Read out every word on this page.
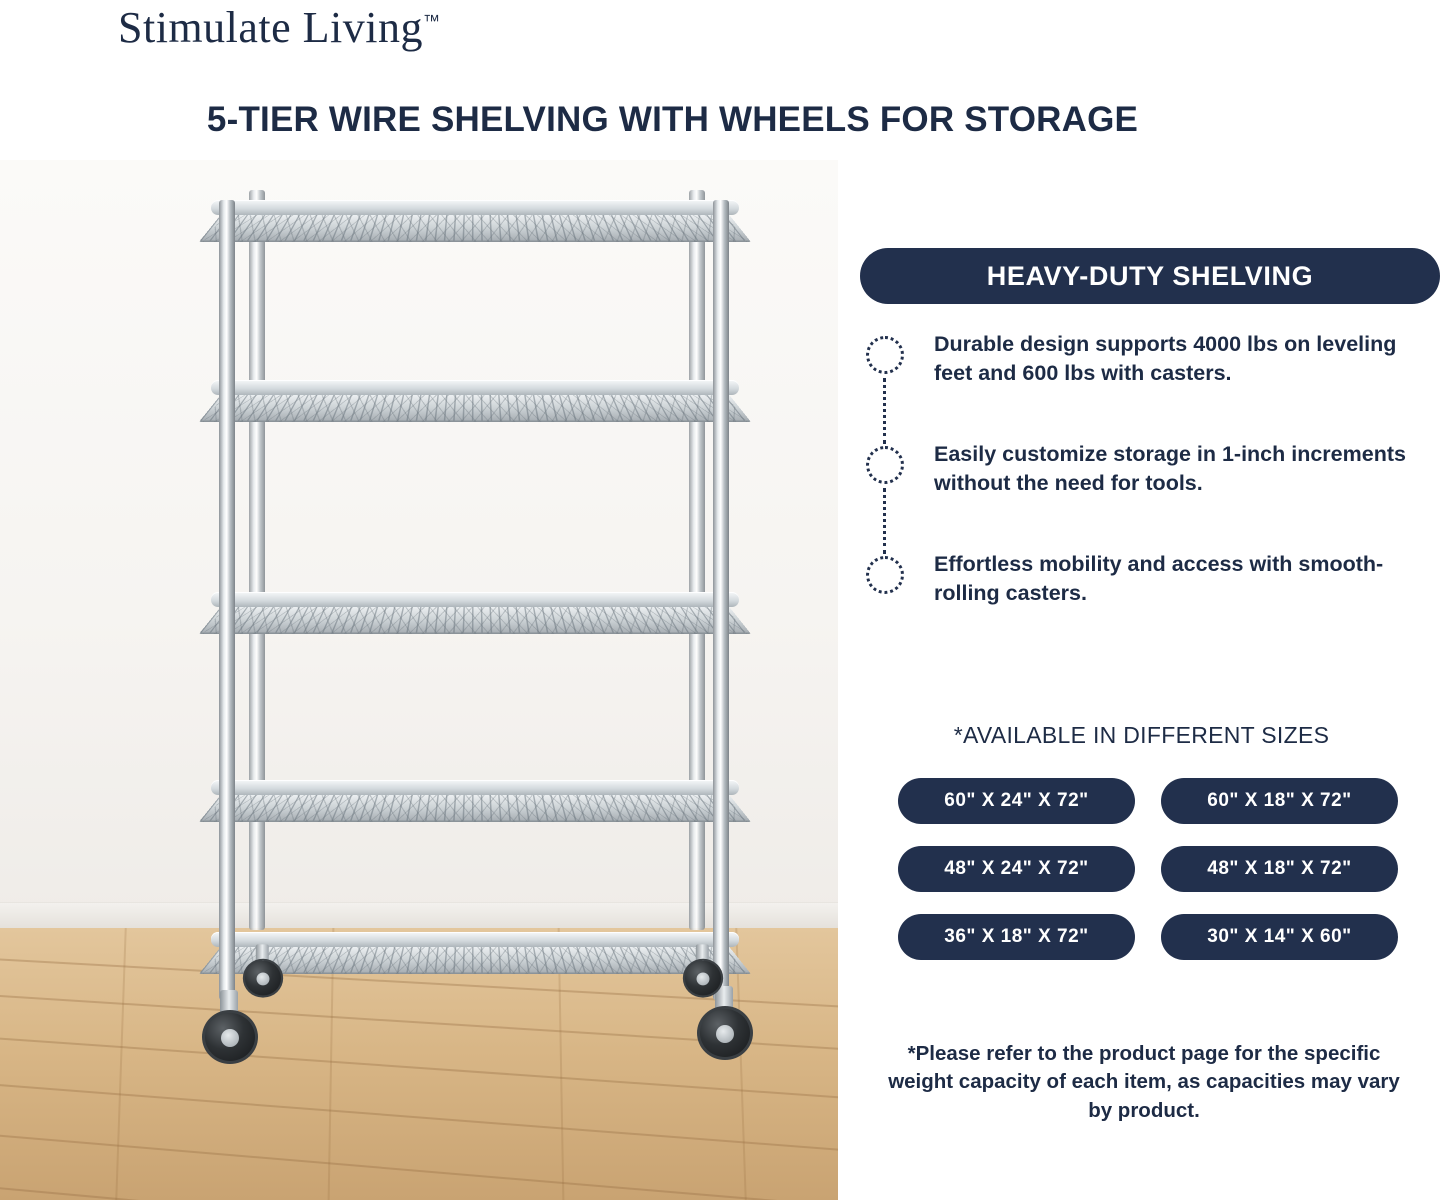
Stimulate Living™
5-TIER WIRE SHELVING WITH WHEELS FOR STORAGE
HEAVY-DUTY SHELVING
Durable design supports 4000 lbs on leveling feet and 600 lbs with casters.
Easily customize storage in 1-inch increments without the need for tools.
Effortless mobility and access with smooth-rolling casters.
*AVAILABLE IN DIFFERENT SIZES
60" X 24" X 72"	60" X 18" X 72"
48" X 24" X 72"	48" X 18" X 72"
36" X 18" X 72"	30" X 14" X 60"
*Please refer to the product page for the specific weight capacity of each item, as capacities may vary by product.
